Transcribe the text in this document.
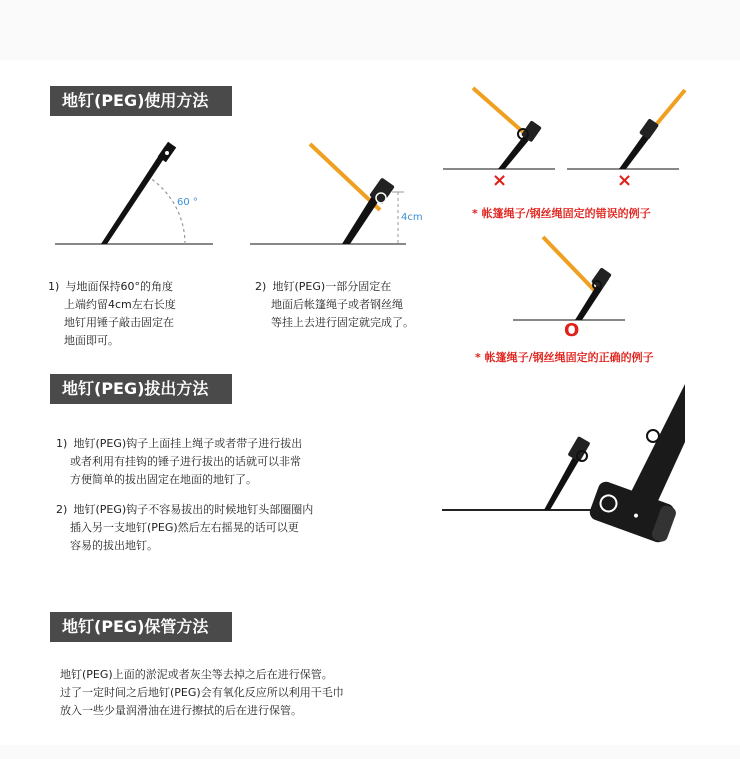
地钉(PEG)使用方法
60 °
4cm
1) 与地面保持60°的角度
上端约留4cm左右长度
地钉用锤子敲击固定在
地面即可。
2) 地钉(PEG)一部分固定在
地面后帐篷绳子或者钢丝绳
等挂上去进行固定就完成了。
×	×
* 帐篷绳子/钢丝绳固定的错误的例子
O
* 帐篷绳子/钢丝绳固定的正确的例子
地钉(PEG)拔出方法
1) 地钉(PEG)钩子上面挂上绳子或者带子进行拔出
或者利用有挂钩的锤子进行拔出的话就可以非常
方便简单的拔出固定在地面的地钉了。
2) 地钉(PEG)钩子不容易拔出的时候地钉头部圈圈内
插入另一支地钉(PEG)然后左右摇晃的话可以更
容易的拔出地钉。
地钉(PEG)保管方法
地钉(PEG)上面的淤泥或者灰尘等去掉之后在进行保管。
过了一定时间之后地钉(PEG)会有氧化反应所以利用干毛巾
放入一些少量润滑油在进行擦拭的后在进行保管。
